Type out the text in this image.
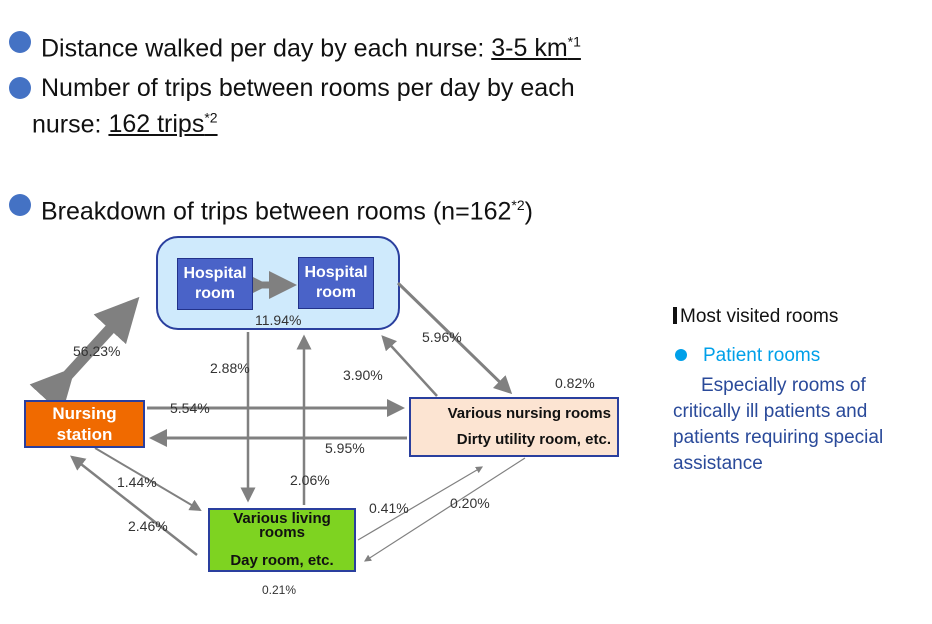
Distance walked per day by each nurse: 3-5 $km^{*1}$
Number of trips between rooms per day by each nurse: 162 trips$^{*2}$
Breakdown of trips between rooms $(n=162^{*2})$
Hospital room
Hospital room
Nursing station
Various nursing rooms
Dirty utility room, etc.
Various living rooms
Day room, etc.
56.23%
11.94%
2.88%	3.90%
5.96%
0.82%
5.54%
5.95%
1.44%	2.06%
2.46%
0.41%	0.20%
0.21%
Most visited rooms
Patient rooms
Especially rooms of critically ill patients and patients requiring special assistance
